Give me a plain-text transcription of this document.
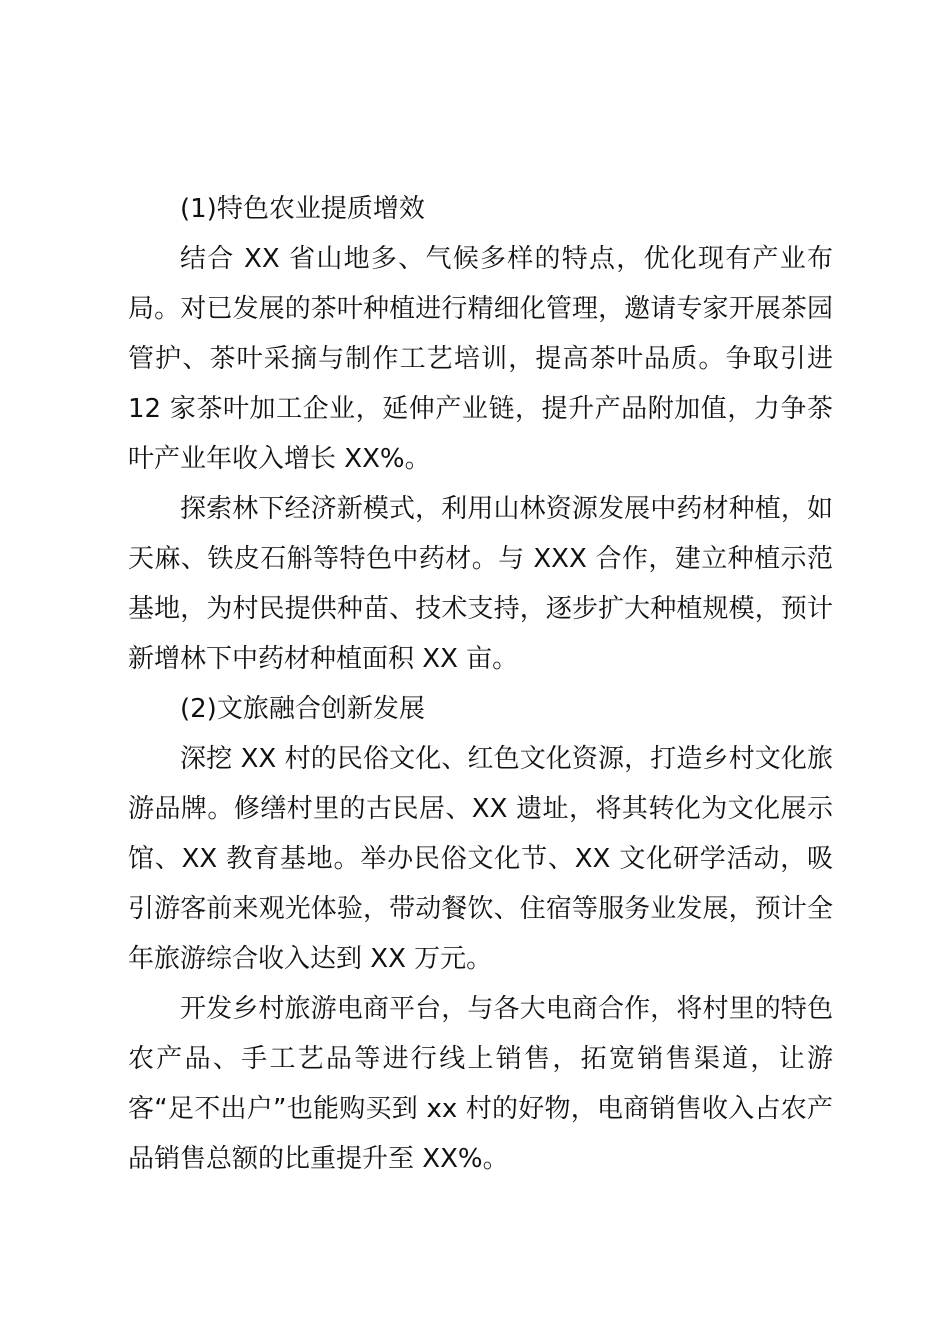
(1)特色农业提质增效

结合 XX 省山地多、气候多样的特点，优化现有产业布局。对已发展的茶叶种植进行精细化管理，邀请专家开展茶园管护、茶叶采摘与制作工艺培训，提高茶叶品质。争取引进 12 家茶叶加工企业，延伸产业链，提升产品附加值，力争茶叶产业年收入增长 XX%。

探索林下经济新模式，利用山林资源发展中药材种植，如天麻、铁皮石斛等特色中药材。与 XXX 合作，建立种植示范基地，为村民提供种苗、技术支持，逐步扩大种植规模，预计新增林下中药材种植面积 XX 亩。

(2)文旅融合创新发展

深挖 XX 村的民俗文化、红色文化资源，打造乡村文化旅游品牌。修缮村里的古民居、XX 遗址，将其转化为文化展示馆、XX 教育基地。举办民俗文化节、XX 文化研学活动，吸引游客前来观光体验，带动餐饮、住宿等服务业发展，预计全年旅游综合收入达到 XX 万元。

开发乡村旅游电商平台，与各大电商合作，将村里的特色农产品、手工艺品等进行线上销售，拓宽销售渠道，让游客“足不出户”也能购买到 xx 村的好物，电商销售收入占农产品销售总额的比重提升至 XX%。
